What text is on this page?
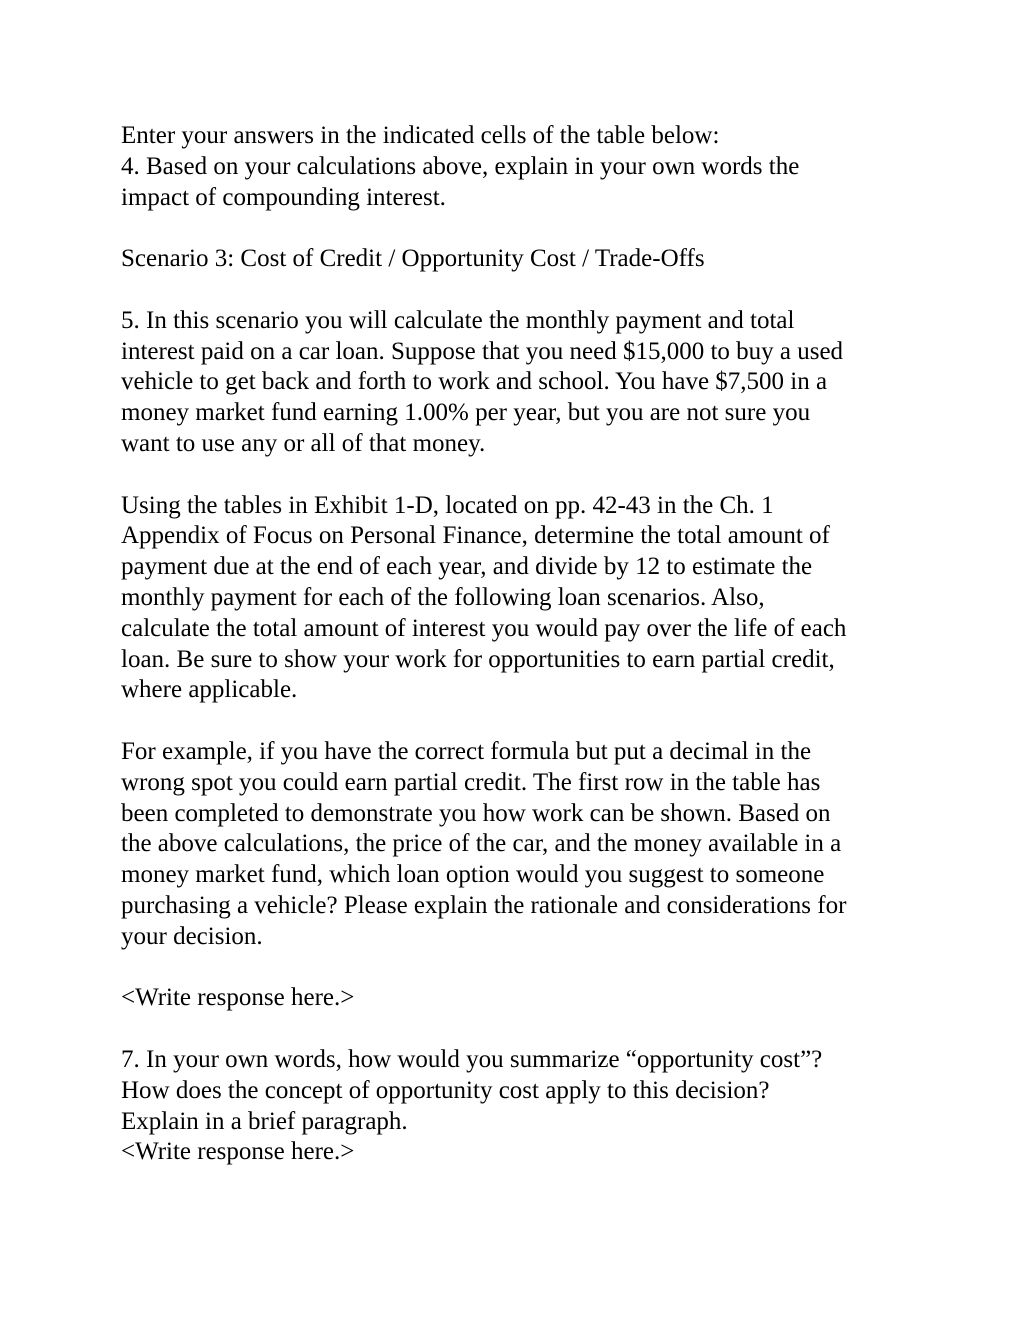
Enter your answers in the indicated cells of the table below:
4. Based on your calculations above, explain in your own words the
impact of compounding interest.
Scenario 3: Cost of Credit / Opportunity Cost / Trade-Offs
5. In this scenario you will calculate the monthly payment and total
interest paid on a car loan. Suppose that you need $15,000 to buy a used
vehicle to get back and forth to work and school. You have $7,500 in a
money market fund earning 1.00% per year, but you are not sure you
want to use any or all of that money.
Using the tables in Exhibit 1-D, located on pp. 42-43 in the Ch. 1
Appendix of Focus on Personal Finance, determine the total amount of
payment due at the end of each year, and divide by 12 to estimate the
monthly payment for each of the following loan scenarios. Also,
calculate the total amount of interest you would pay over the life of each
loan. Be sure to show your work for opportunities to earn partial credit,
where applicable.
For example, if you have the correct formula but put a decimal in the
wrong spot you could earn partial credit. The first row in the table has
been completed to demonstrate you how work can be shown. Based on
the above calculations, the price of the car, and the money available in a
money market fund, which loan option would you suggest to someone
purchasing a vehicle? Please explain the rationale and considerations for
your decision.
<Write response here.>
7. In your own words, how would you summarize “opportunity cost”?
How does the concept of opportunity cost apply to this decision?
Explain in a brief paragraph.
<Write response here.>
